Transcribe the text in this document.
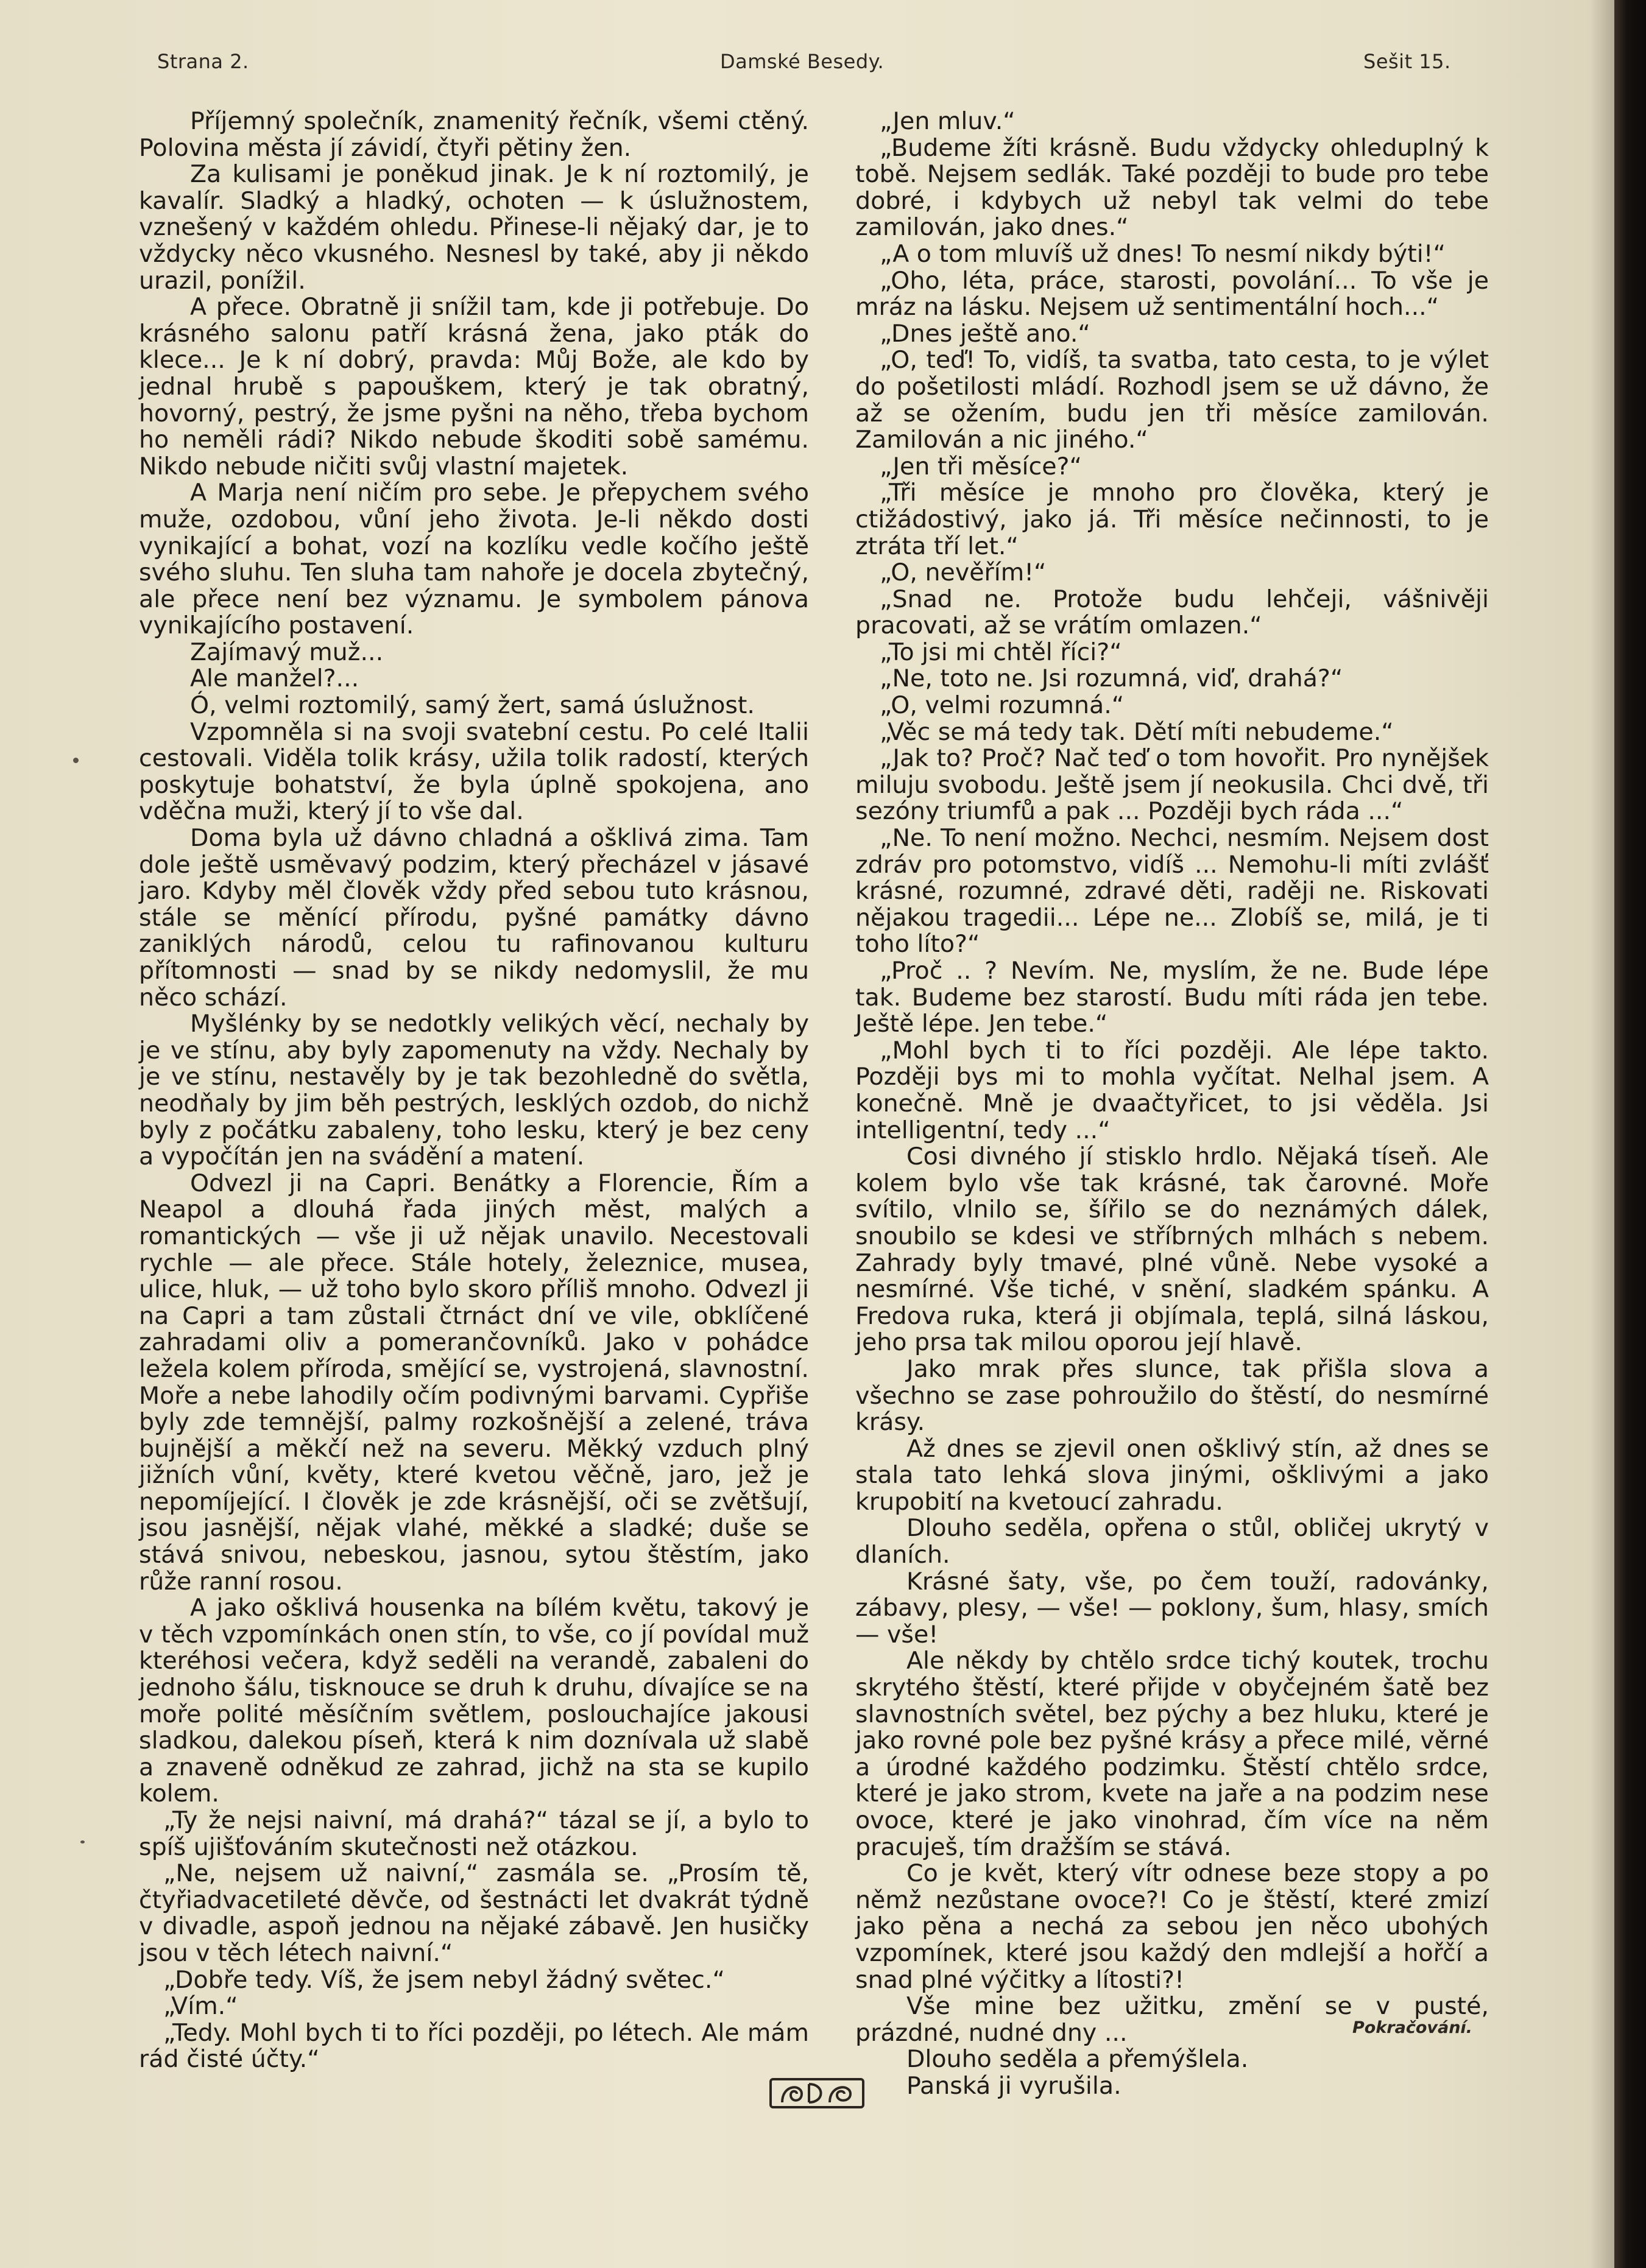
Strana 2.	Damské Besedy.	Sešit 15.

Příjemný společník, znamenitý řečník, všemi ctěný. Polovina města jí závidí, čtyři pětiny žen.

Za kulisami je poněkud jinak. Je k ní roztomilý, je kavalír. Sladký a hladký, ochoten — k úslužnostem, vznešený v každém ohledu. Přinese-li nějaký dar, je to vždycky něco vkusného. Nesnesl by také, aby ji někdo urazil, ponížil.

A přece. Obratně ji snížil tam, kde ji potřebuje. Do krásného salonu patří krásná žena, jako pták do klece... Je k ní dobrý, pravda: Můj Bože, ale kdo by jednal hrubě s papouškem, který je tak obratný, hovorný, pestrý, že jsme pyšni na něho, třeba bychom ho neměli rádi? Nikdo nebude škoditi sobě samému. Nikdo nebude ničiti svůj vlastní majetek.

A Marja není ničím pro sebe. Je přepychem svého muže, ozdobou, vůní jeho života. Je-li někdo dosti vynikající a bohat, vozí na kozlíku vedle kočího ještě svého sluhu. Ten sluha tam nahoře je docela zbytečný, ale přece není bez významu. Je symbolem pánova vynikajícího postavení.

Zajímavý muž...

Ale manžel?...

Ó, velmi roztomilý, samý žert, samá úslužnost.

Vzpomněla si na svoji svatební cestu. Po celé Italii cestovali. Viděla tolik krásy, užila tolik radostí, kterých poskytuje bohatství, že byla úplně spokojena, ano vděčna muži, který jí to vše dal.

Doma byla už dávno chladná a ošklivá zima. Tam dole ještě usměvavý podzim, který přecházel v jásavé jaro. Kdyby měl člověk vždy před sebou tuto krásnou, stále se měnící přírodu, pyšné památky dávno zaniklých národů, celou tu rafinovanou kulturu přítomnosti — snad by se nikdy nedomyslil, že mu něco schází.

Myšlénky by se nedotkly velikých věcí, nechaly by je ve stínu, aby byly zapomenuty na vždy. Nechaly by je ve stínu, nestavěly by je tak bezohledně do světla, neodňaly by jim běh pestrých, lesklých ozdob, do nichž byly z počátku zabaleny, toho lesku, který je bez ceny a vypočítán jen na svádění a matení.

Odvezl ji na Capri. Benátky a Florencie, Řím a Neapol a dlouhá řada jiných měst, malých a romantických — vše ji už nějak unavilo. Necestovali rychle — ale přece. Stále hotely, železnice, musea, ulice, hluk, — už toho bylo skoro příliš mnoho. Odvezl ji na Capri a tam zůstali čtrnáct dní ve vile, obklíčené zahradami oliv a pomerančovníků. Jako v pohádce ležela kolem příroda, smějící se, vystrojená, slavnostní. Moře a nebe lahodily očím podivnými barvami. Cypřiše byly zde temnější, palmy rozkošnější a zelené, tráva bujnější a měkčí než na severu. Měkký vzduch plný jižních vůní, květy, které kvetou věčně, jaro, jež je nepomíjející. I člověk je zde krásnější, oči se zvětšují, jsou jasnější, nějak vlahé, měkké a sladké; duše se stává snivou, nebeskou, jasnou, sytou štěstím, jako růže ranní rosou.

A jako ošklivá housenka na bílém květu, takový je v těch vzpomínkách onen stín, to vše, co jí povídal muž kteréhosi večera, když seděli na verandě, zabaleni do jednoho šálu, tisknouce se druh k druhu, dívajíce se na moře polité měsíčním světlem, poslouchajíce jakousi sladkou, dalekou píseň, která k nim doznívala už slabě a znaveně odněkud ze zahrad, jichž na sta se kupilo kolem.

„Ty že nejsi naivní, má drahá?“ tázal se jí, a bylo to spíš ujišťováním skutečnosti než otázkou.

„Ne, nejsem už naivní,“ zasmála se. „Prosím tě, čtyřiadvacetileté děvče, od šestnácti let dvakrát týdně v divadle, aspoň jednou na nějaké zábavě. Jen husičky jsou v těch létech naivní.“

„Dobře tedy. Víš, že jsem nebyl žádný světec.“

„Vím.“

„Tedy. Mohl bych ti to říci později, po létech. Ale mám rád čisté účty.“

„Jen mluv.“

„Budeme žíti krásně. Budu vždycky ohleduplný k tobě. Nejsem sedlák. Také později to bude pro tebe dobré, i kdybych už nebyl tak velmi do tebe zamilován, jako dnes.“

„A o tom mluvíš už dnes! To nesmí nikdy býti!“

„Oho, léta, práce, starosti, povolání... To vše je mráz na lásku. Nejsem už sentimentální hoch...“

„Dnes ještě ano.“

„O, teď! To, vidíš, ta svatba, tato cesta, to je výlet do pošetilosti mládí. Rozhodl jsem se už dávno, že až se ožením, budu jen tři měsíce zamilován. Zamilován a nic jiného.“

„Jen tři měsíce?“

„Tři měsíce je mnoho pro člověka, který je ctižádostivý, jako já. Tři měsíce nečinnosti, to je ztráta tří let.“

„O, nevěřím!“

„Snad ne. Protože budu lehčeji, vášnivěji pracovati, až se vrátím omlazen.“

„To jsi mi chtěl říci?“

„Ne, toto ne. Jsi rozumná, viď, drahá?“

„O, velmi rozumná.“

„Věc se má tedy tak. Dětí míti nebudeme.“

„Jak to? Proč? Nač teď o tom hovořit. Pro nynějšek miluju svobodu. Ještě jsem jí neokusila. Chci dvě, tři sezóny triumfů a pak ... Později bych ráda ...“

„Ne. To není možno. Nechci, nesmím. Nejsem dost zdráv pro potomstvo, vidíš ... Nemohu-li míti zvlášť krásné, rozumné, zdravé děti, raději ne. Riskovati nějakou tragedii... Lépe ne... Zlobíš se, milá, je ti toho líto?“

„Proč .. ? Nevím. Ne, myslím, že ne. Bude lépe tak. Budeme bez starostí. Budu míti ráda jen tebe. Ještě lépe. Jen tebe.“

„Mohl bych ti to říci později. Ale lépe takto. Později bys mi to mohla vyčítat. Nelhal jsem. A konečně. Mně je dvaačtyřicet, to jsi věděla. Jsi intelligentní, tedy ...“

Cosi divného jí stisklo hrdlo. Nějaká tíseň. Ale kolem bylo vše tak krásné, tak čarovné. Moře svítilo, vlnilo se, šířilo se do neznámých dálek, snoubilo se kdesi ve stříbrných mlhách s nebem. Zahrady byly tmavé, plné vůně. Nebe vysoké a nesmírné. Vše tiché, v snění, sladkém spánku. A Fredova ruka, která ji objímala, teplá, silná láskou, jeho prsa tak milou oporou její hlavě.

Jako mrak přes slunce, tak přišla slova a všechno se zase pohroužilo do štěstí, do nesmírné krásy.

Až dnes se zjevil onen ošklivý stín, až dnes se stala tato lehká slova jinými, ošklivými a jako krupobití na kvetoucí zahradu.

Dlouho seděla, opřena o stůl, obličej ukrytý v dlaních.

Krásné šaty, vše, po čem touží, radovánky, zábavy, plesy, — vše! — poklony, šum, hlasy, smích — vše!

Ale někdy by chtělo srdce tichý koutek, trochu skrytého štěstí, které přijde v obyčejném šatě bez slavnostních světel, bez pýchy a bez hluku, které je jako rovné pole bez pyšné krásy a přece milé, věrné a úrodné každého podzimku. Štěstí chtělo srdce, které je jako strom, kvete na jaře a na podzim nese ovoce, které je jako vinohrad, čím více na něm pracuješ, tím dražším se stává.

Co je květ, který vítr odnese beze stopy a po němž nezůstane ovoce?! Co je štěstí, které zmizí jako pěna a nechá za sebou jen něco ubohých vzpomínek, které jsou každý den mdlejší a hořčí a snad plné výčitky a lítosti?!

Vše mine bez užitku, změní se v pusté, prázdné, nudné dny ...

Dlouho seděla a přemýšlela.

Panská ji vyrušila.

Pokračování.
